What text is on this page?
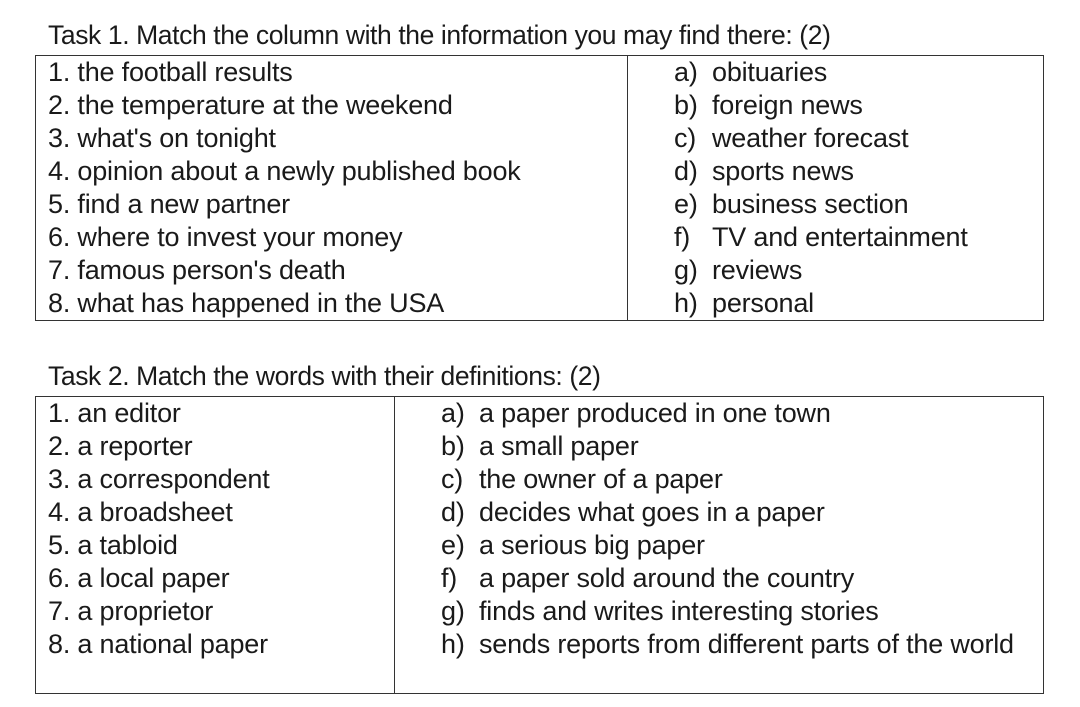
Task 1. Match the column with the information you may find there: (2)
1. the football results
2. the temperature at the weekend
3. what's on tonight
4. opinion about a newly published book
5. find a new partner
6. where to invest your money
7. famous person's death
8. what has happened in the USA
a) obituaries
b) foreign news
c) weather forecast
d) sports news
e) business section
f) TV and entertainment
g) reviews
h) personal
Task 2. Match the words with their definitions: (2)
1. an editor
2. a reporter
3. a correspondent
4. a broadsheet
5. a tabloid
6. a local paper
7. a proprietor
8. a national paper
a) a paper produced in one town
b) a small paper
c) the owner of a paper
d) decides what goes in a paper
e) a serious big paper
f) a paper sold around the country
g) finds and writes interesting stories
h) sends reports from different parts of the world
